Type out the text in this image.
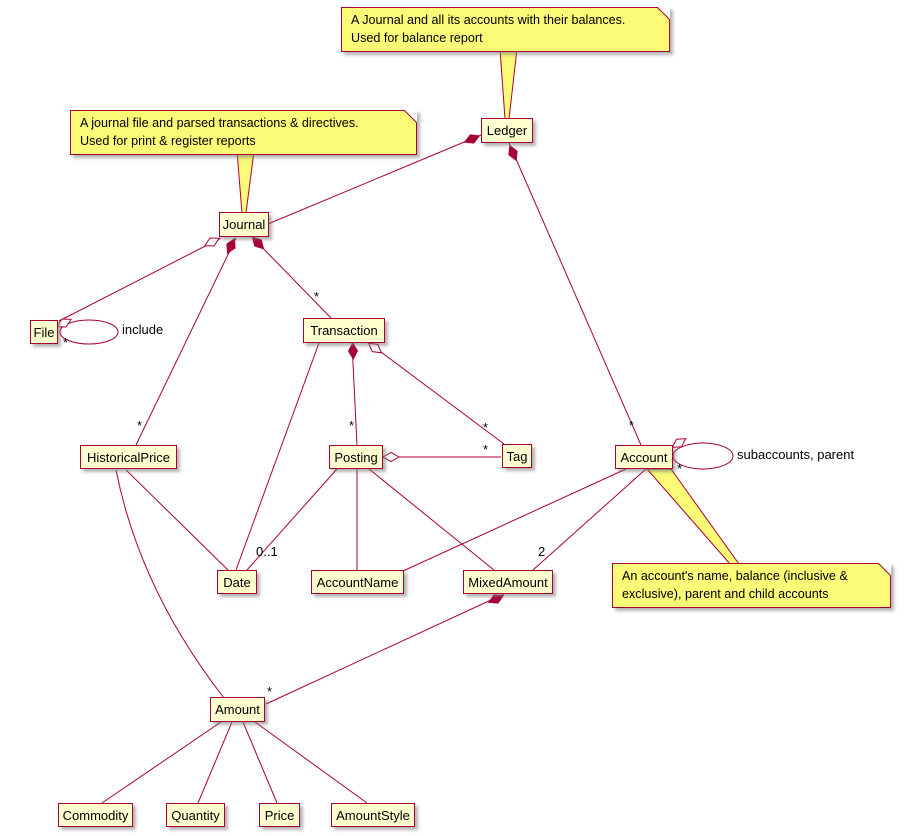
A Journal and all its accounts with their balances.
Used for balance report
A journal file and parsed transactions & directives.
Used for print & register reports
An account's name, balance (inclusive &
exclusive), parent and child accounts
Ledger
Journal
File	Transaction
HistoricalPrice	Posting	Tag	Account
Date	AccountName	MixedAmount
Amount
Commodity	Quantity	Price	AmountStyle
*
include
*
*
*
*	*
*
0..1
subaccounts, parent
*
2
*
